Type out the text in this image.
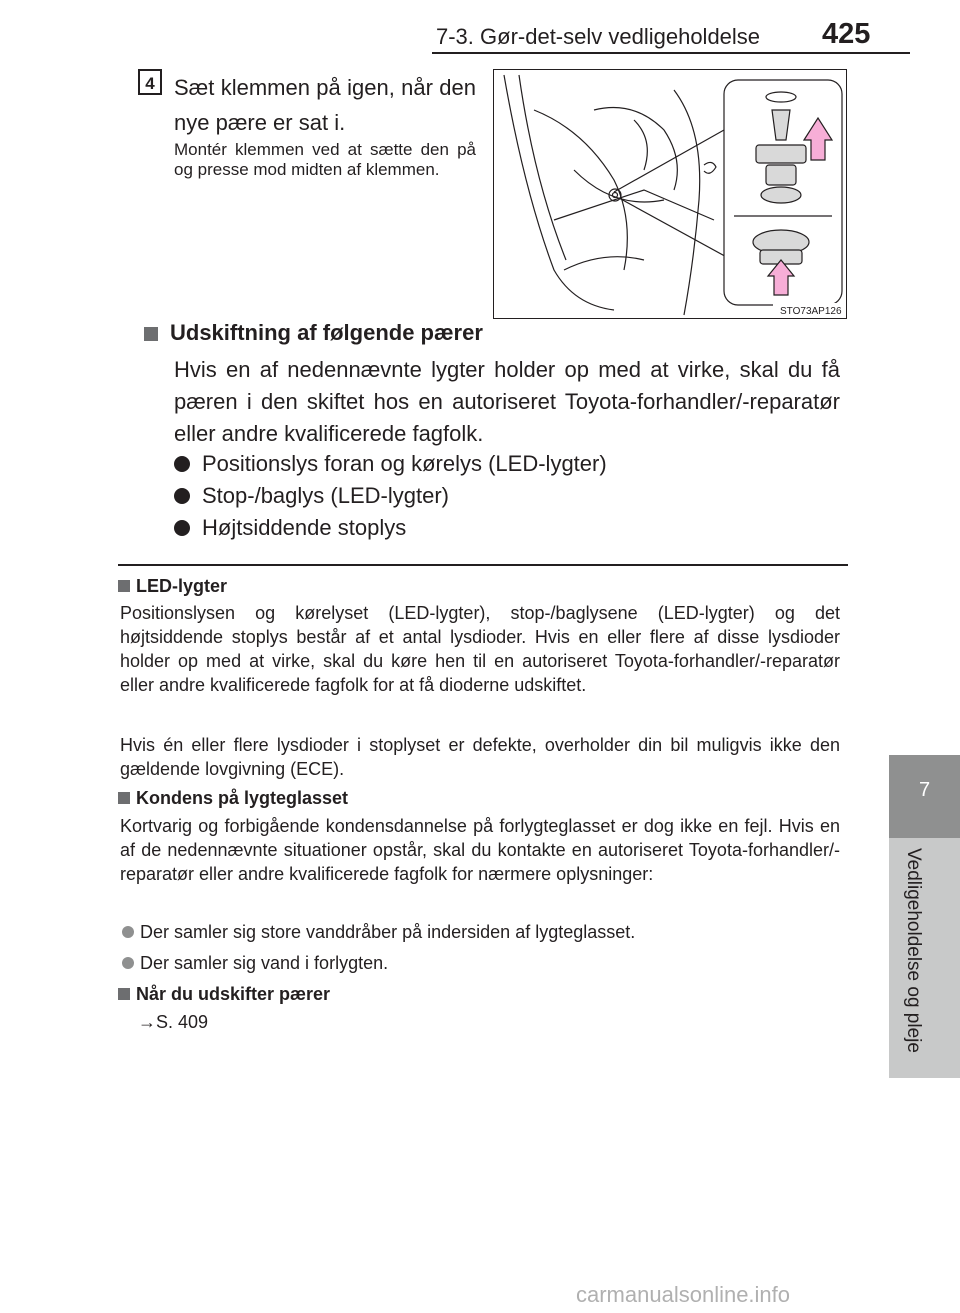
7-3. Gør-det-selv vedligeholdelse 425
7
Vedligeholdelse og pleje
4 Sæt klemmen på igen, når den nye pære er sat i.
Montér klemmen ved at sætte den på og presse mod midten af klemmen.
STO73AP126
Udskiftning af følgende pærer
Hvis en af nedennævnte lygter holder op med at virke, skal du få pæren i den skiftet hos en autoriseret Toyota-forhandler/-reparatør eller andre kvalificerede fagfolk.
Positionslys foran og kørelys (LED-lygter)
Stop-/baglys (LED-lygter)
Højtsiddende stoplys
LED-lygter
Positionslysen og kørelyset (LED-lygter), stop-/baglysene (LED-lygter) og det højtsiddende stoplys består af et antal lysdioder. Hvis en eller flere af disse lysdioder holder op med at virke, skal du køre hen til en autoriseret Toyota-forhandler/-reparatør eller andre kvalificerede fagfolk for at få dioderne udskiftet.
Hvis én eller flere lysdioder i stoplyset er defekte, overholder din bil muligvis ikke den gældende lovgivning (ECE).
Kondens på lygteglasset
Kortvarig og forbigående kondensdannelse på forlygteglasset er dog ikke en fejl. Hvis en af de nedennævnte situationer opstår, skal du kontakte en autoriseret Toyota-forhandler/-reparatør eller andre kvalificerede fagfolk for nærmere oplysninger:
Der samler sig store vanddråber på indersiden af lygteglasset.
Der samler sig vand i forlygten.
Når du udskifter pærer
→S. 409
carmanualsonline.info
